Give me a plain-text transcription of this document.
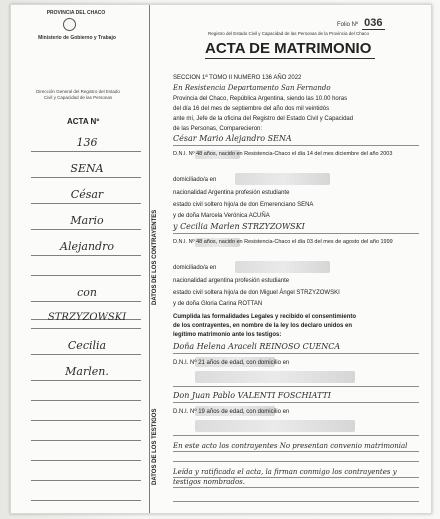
PROVINCIA DEL CHACO
Ministerio de Gobierno y Trabajo
Dirección General del Registro del Estado Civil y Capacidad de las Personas
ACTA Nº
136
SENA
César
Mario
Alejandro
con
STRZYZOWSKI
Cecilia
Marlen.
DATOS DE LOS CONTRAYENTES
DATOS DE LOS TESTIGOS
Folio Nº 036
Registro del Estado Civil y Capacidad de las Personas de la Provincia del Chaco
ACTA DE MATRIMONIO
SECCION 1ª TOMO II NUMERO 136 AÑO 2022
En Resistencia Departamento San Fernando
Provincia del Chaco, República Argentina, siendo las 10.00 horas
del día 16 del mes de septiembre del año dos mil veintidós
ante mí, Jefe de la oficina del Registro del Estado Civil y Capacidad
de las Personas, Comparecieron:
César Mario Alejandro SENA
D.N.I. Nº 48 años, nacido en Resistencia-Chaco el día 14 del mes diciembre del año 2003
domiciliado/a en
nacionalidad Argentina profesión estudiante
estado civil soltero hijo/a de don Emerenciano SENA
y de doña Marcela Verónica ACUÑA
y Cecilia Marlen STRZYZOWSKI
D.N.I. Nº 48 años, nacido en Resistencia-Chaco el día 03 del mes de agosto del año 1999
domiciliado/a en
nacionalidad argentina profesión estudiante
estado civil soltera hijo/a de don Miguel Ángel STRZYZOWSKI
y de doña Gloria Carina ROTTAN
Cumplida las formalidades Legales y recibido el consentimiento
de los contrayentes, en nombre de la ley los declaro unidos en
legítimo matrimonio ante los testigos:
Doña Helena Araceli REINOSO CUENCA
D.N.I. Nº 21 años de edad, con domicilio en
Don Juan Pablo VALENTI FOSCHIATTI
D.N.I. Nº 19 años de edad, con domicilio en
En este acto los contrayentes No presentan convenio matrimonial
Leída y ratificada el acta, la firman conmigo los contrayentes y testigos nombrados.
